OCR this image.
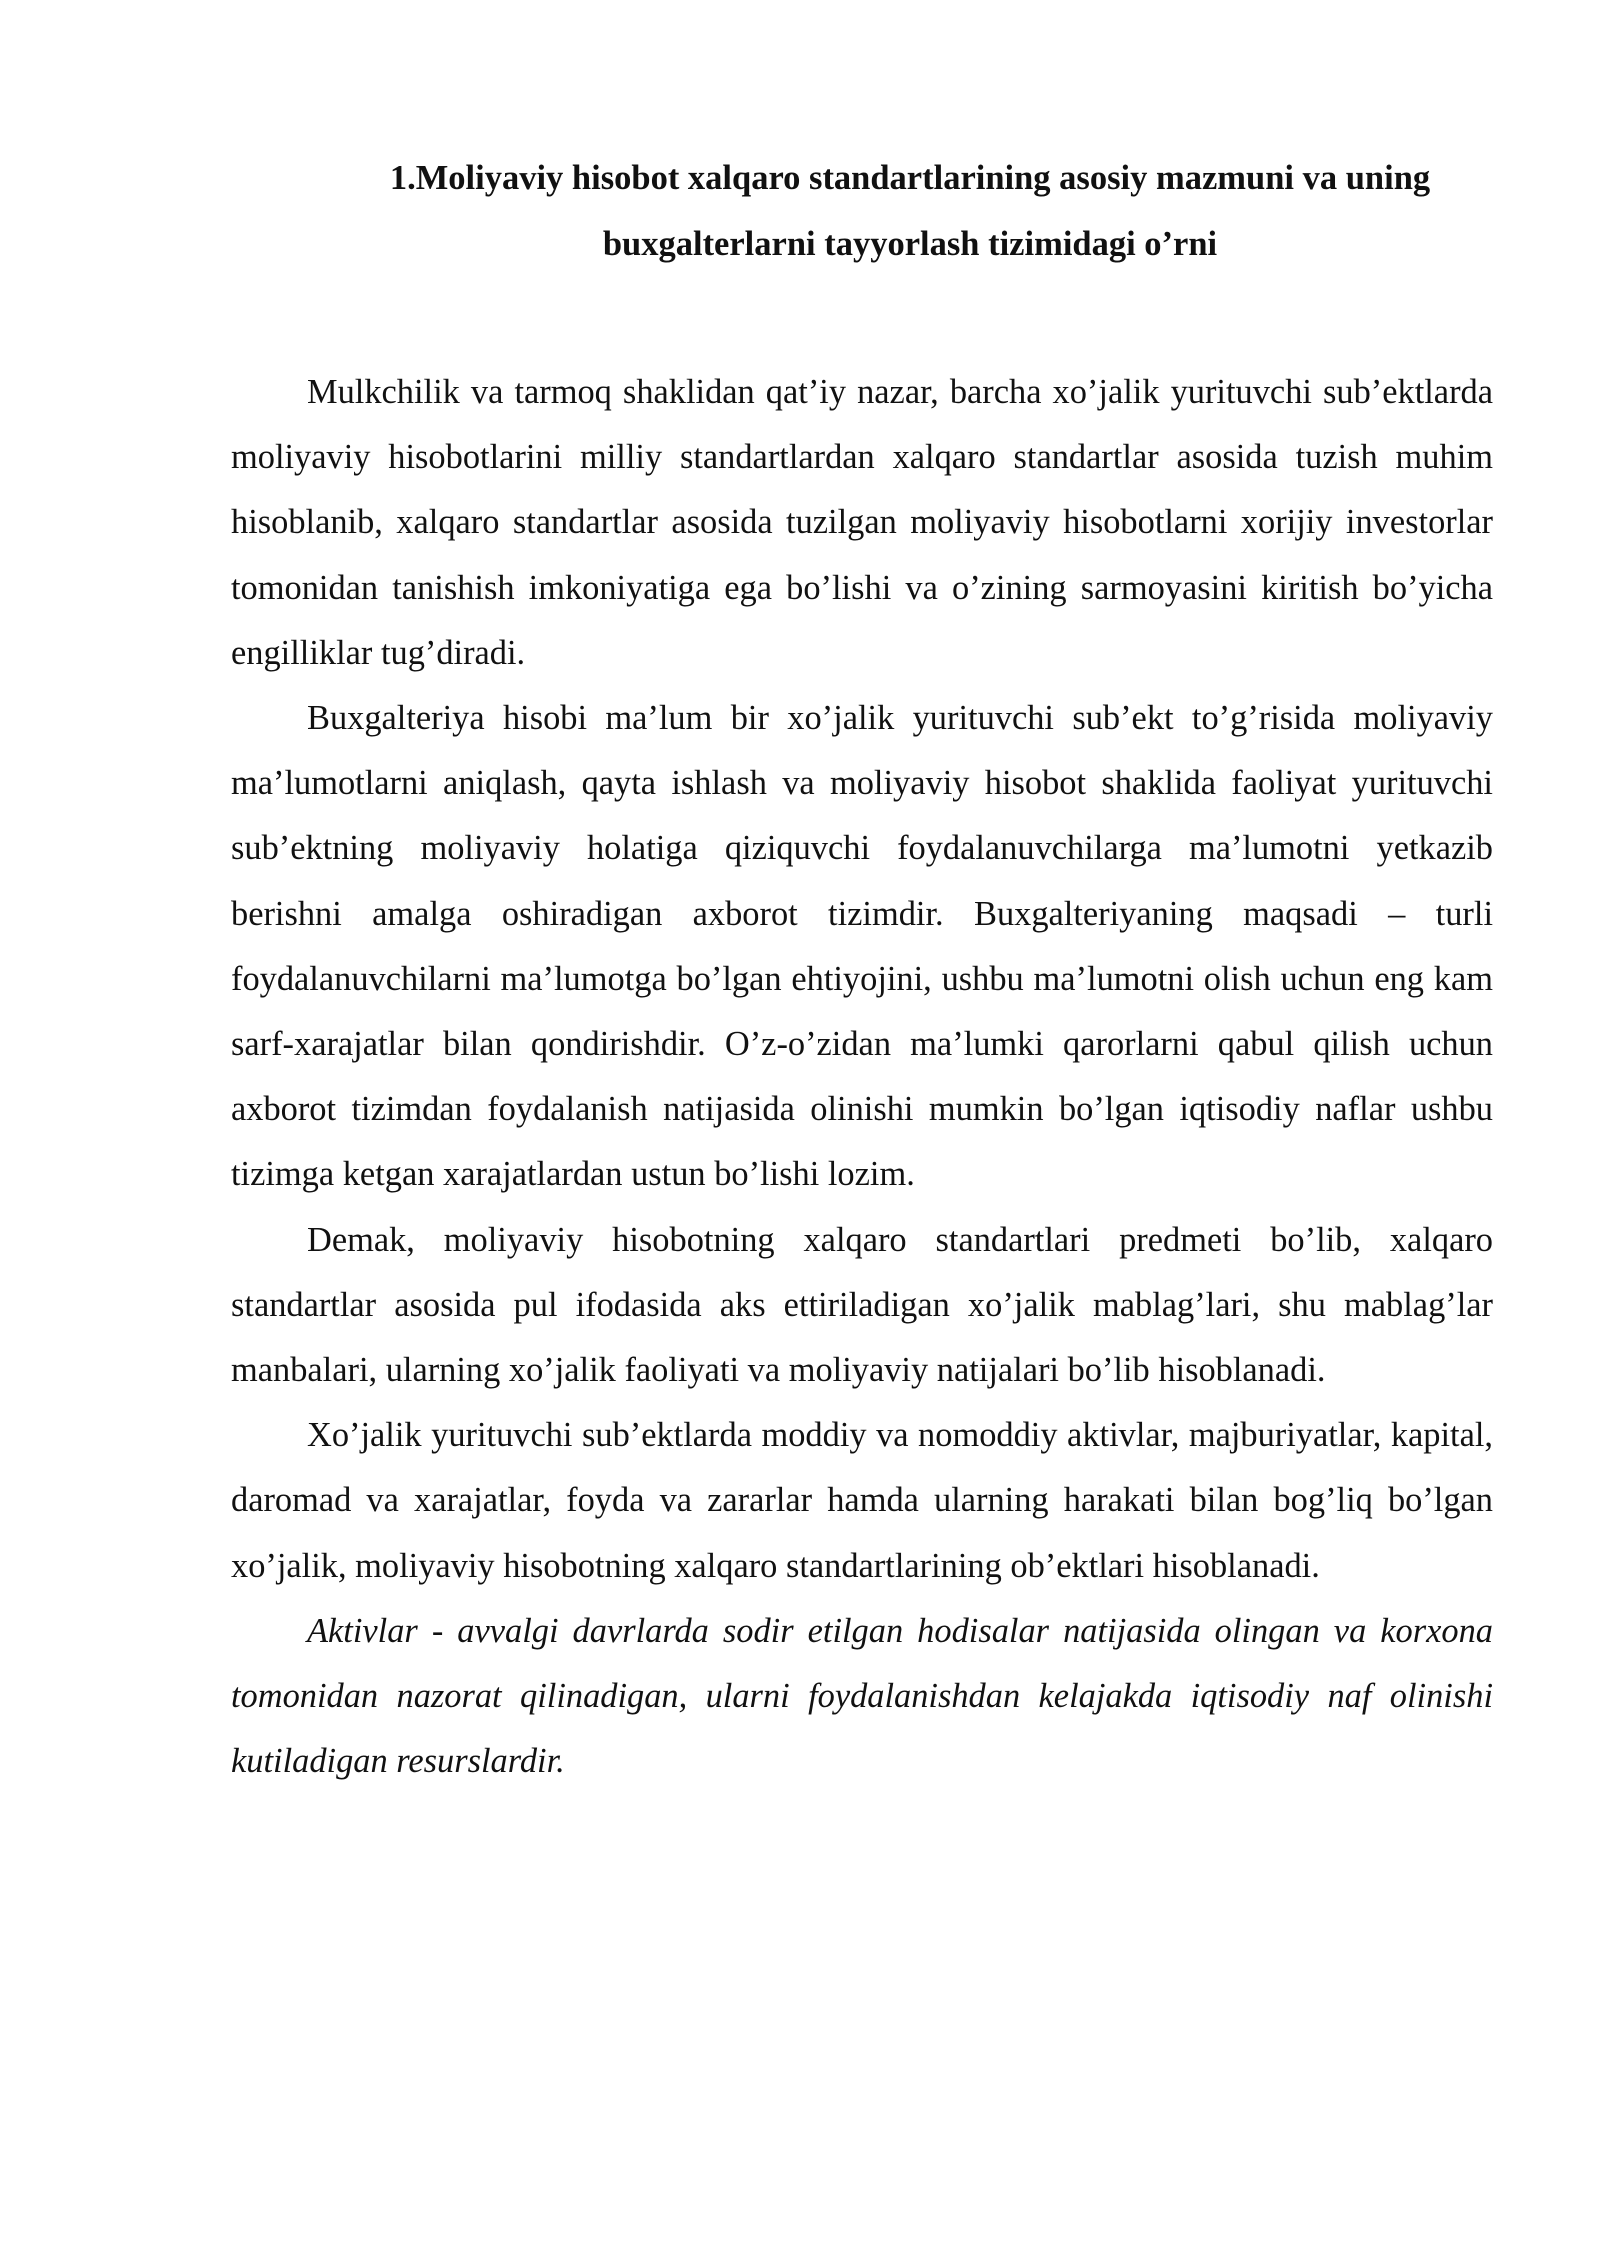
1.Moliyaviy hisobot xalqaro standartlarining asosiy mazmuni va uning
buxgalterlarni tayyorlash tizimidagi o’rni

Mulkchilik va tarmoq shaklidan qat’iy nazar, barcha xo’jalik yurituvchi sub’ektlarda moliyaviy hisobotlarini milliy standartlardan xalqaro standartlar asosida tuzish muhim hisoblanib, xalqaro standartlar asosida tuzilgan moliyaviy hisobotlarni xorijiy investorlar tomonidan tanishish imkoniyatiga ega bo’lishi va o’zining sarmoyasini kiritish bo’yicha engilliklar tug’diradi.

Buxgalteriya hisobi ma’lum bir xo’jalik yurituvchi sub’ekt to’g’risida moliyaviy ma’lumotlarni aniqlash, qayta ishlash va moliyaviy hisobot shaklida faoliyat yurituvchi sub’ektning moliyaviy holatiga qiziquvchi foydalanuvchilarga ma’lumotni yetkazib berishni amalga oshiradigan axborot tizimdir. Buxgalteriyaning maqsadi – turli foydalanuvchilarni ma’lumotga bo’lgan ehtiyojini, ushbu ma’lumotni olish uchun eng kam sarf-xarajatlar bilan qondirishdir. O’z-o’zidan ma’lumki qarorlarni qabul qilish uchun axborot tizimdan foydalanish natijasida olinishi mumkin bo’lgan iqtisodiy naflar ushbu tizimga ketgan xarajatlardan ustun bo’lishi lozim.

Demak, moliyaviy hisobotning xalqaro standartlari predmeti bo’lib, xalqaro standartlar asosida pul ifodasida aks ettiriladigan xo’jalik mablag’lari, shu mablag’lar manbalari, ularning xo’jalik faoliyati va moliyaviy natijalari bo’lib hisoblanadi.

Xo’jalik yurituvchi sub’ektlarda moddiy va nomoddiy aktivlar, majburiyatlar, kapital, daromad va xarajatlar, foyda va zararlar hamda ularning harakati bilan bog’liq bo’lgan xo’jalik, moliyaviy hisobotning xalqaro standartlarining ob’ektlari hisoblanadi.

Aktivlar - avvalgi davrlarda sodir etilgan hodisalar natijasida olingan va korxona tomonidan nazorat qilinadigan, ularni foydalanishdan kelajakda iqtisodiy naf olinishi kutiladigan resurslardir.
